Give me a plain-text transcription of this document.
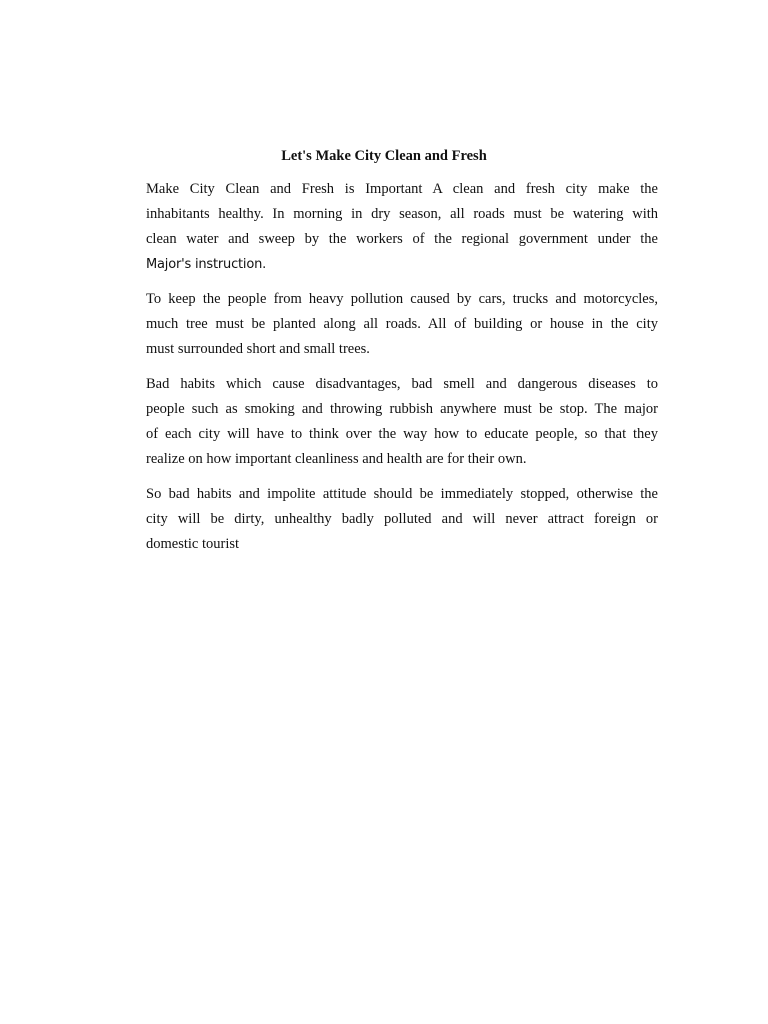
Let's Make City Clean and Fresh
Make City Clean and Fresh is Important A clean and fresh city make the
inhabitants healthy. In morning in dry season, all roads must be watering with
clean water and sweep by the workers of the regional government under the
Major's instruction.
To keep the people from heavy pollution caused by cars, trucks and motorcycles,
much tree must be planted along all roads. All of building or house in the city
must surrounded short and small trees.
Bad habits which cause disadvantages, bad smell and dangerous diseases to
people such as smoking and throwing rubbish anywhere must be stop. The major
of each city will have to think over the way how to educate people, so that they
realize on how important cleanliness and health are for their own.
So bad habits and impolite attitude should be immediately stopped, otherwise the
city will be dirty, unhealthy badly polluted and will never attract foreign or
domestic tourist
